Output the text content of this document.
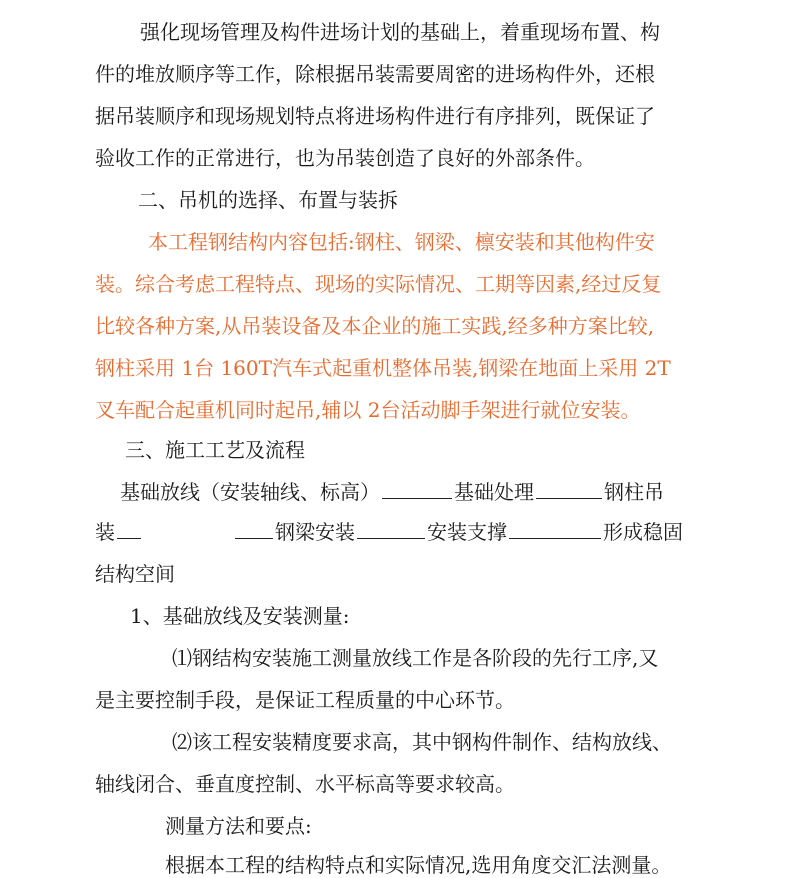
强化现场管理及构件进场计划的基础上，着重现场布置、构
件的堆放顺序等工作，除根据吊装需要周密的进场构件外，还根
据吊装顺序和现场规划特点将进场构件进行有序排列，既保证了
验收工作的正常进行，也为吊装创造了良好的外部条件。
二、吊机的选择、布置与装拆
本工程钢结构内容包括:钢柱、钢梁、檩安装和其他构件安
装。综合考虑工程特点、现场的实际情况、工期等因素,经过反复
比较各种方案,从吊装设备及本企业的施工实践,经多种方案比较,
钢柱采用 1台 160T汽车式起重机整体吊装,钢梁在地面上采用 2T
叉车配合起重机同时起吊,辅以 2台活动脚手架进行就位安装。
三、施工工艺及流程
基础放线（安装轴线、标高）	基础处理	钢柱吊
装	钢梁安装	安装支撑	形成稳固
结构空间
1、基础放线及安装测量:
⑴钢结构安装施工测量放线工作是各阶段的先行工序,又
是主要控制手段，是保证工程质量的中心环节。
⑵该工程安装精度要求高，其中钢构件制作、结构放线、
轴线闭合、垂直度控制、水平标高等要求较高。
测量方法和要点:
根据本工程的结构特点和实际情况,选用角度交汇法测量。
